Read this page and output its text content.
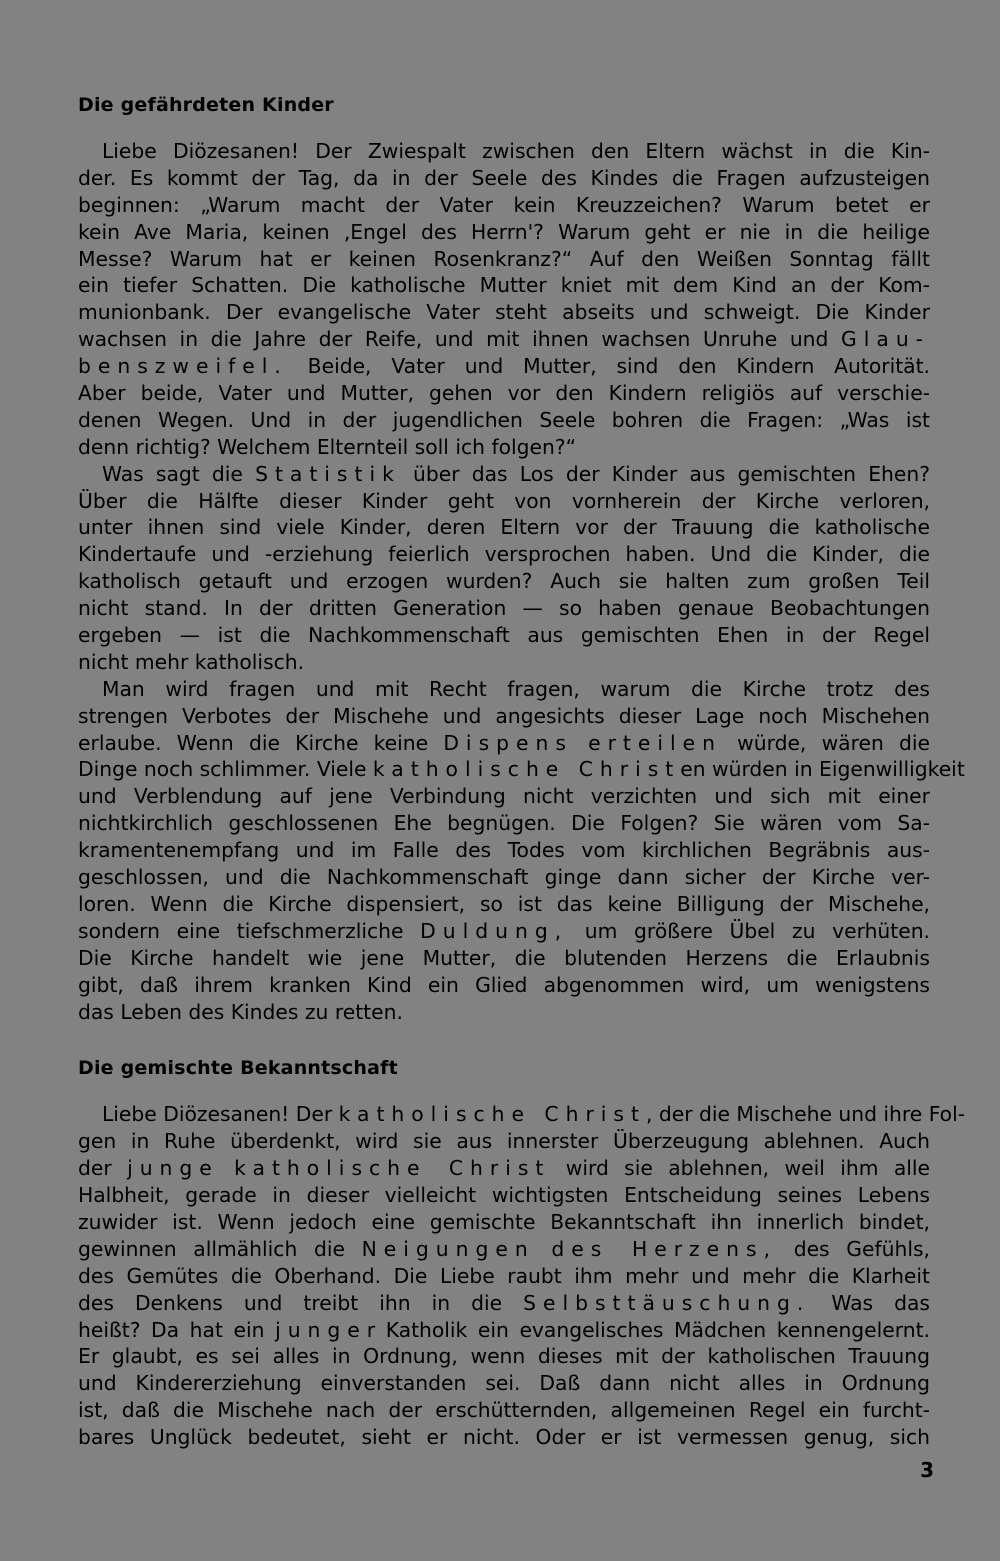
Die gefährdeten Kinder
Liebe Diözesanen! Der Zwiespalt zwischen den Eltern wächst in die Kin-
der. Es kommt der Tag, da in der Seele des Kindes die Fragen aufzusteigen
beginnen: „Warum macht der Vater kein Kreuzzeichen? Warum betet er
kein Ave Maria, keinen ‚Engel des Herrn'? Warum geht er nie in die heilige
Messe? Warum hat er keinen Rosenkranz?“ Auf den Weißen Sonntag fällt
ein tiefer Schatten. Die katholische Mutter kniet mit dem Kind an der Kom-
munionbank. Der evangelische Vater steht abseits und schweigt. Die Kinder
wachsen in die Jahre der Reife, und mit ihnen wachsen Unruhe und Glau-
benszweifel. Beide, Vater und Mutter, sind den Kindern Autorität.
Aber beide, Vater und Mutter, gehen vor den Kindern religiös auf verschie-
denen Wegen. Und in der jugendlichen Seele bohren die Fragen: „Was ist
denn richtig? Welchem Elternteil soll ich folgen?“
Was sagt die Statistik über das Los der Kinder aus gemischten Ehen?
Über die Hälfte dieser Kinder geht von vornherein der Kirche verloren,
unter ihnen sind viele Kinder, deren Eltern vor der Trauung die katholische
Kindertaufe und -erziehung feierlich versprochen haben. Und die Kinder, die
katholisch getauft und erzogen wurden? Auch sie halten zum großen Teil
nicht stand. In der dritten Generation — so haben genaue Beobachtungen
ergeben — ist die Nachkommenschaft aus gemischten Ehen in der Regel
nicht mehr katholisch.
Man wird fragen und mit Recht fragen, warum die Kirche trotz des
strengen Verbotes der Mischehe und angesichts dieser Lage noch Mischehen
erlaube. Wenn die Kirche keine Dispens erteilen würde, wären die
Dinge noch schlimmer. Viele katholische Christen würden in Eigenwilligkeit
und Verblendung auf jene Verbindung nicht verzichten und sich mit einer
nichtkirchlich geschlossenen Ehe begnügen. Die Folgen? Sie wären vom Sa-
kramentenempfang und im Falle des Todes vom kirchlichen Begräbnis aus-
geschlossen, und die Nachkommenschaft ginge dann sicher der Kirche ver-
loren. Wenn die Kirche dispensiert, so ist das keine Billigung der Mischehe,
sondern eine tiefschmerzliche Duldung, um größere Übel zu verhüten.
Die Kirche handelt wie jene Mutter, die blutenden Herzens die Erlaubnis
gibt, daß ihrem kranken Kind ein Glied abgenommen wird, um wenigstens
das Leben des Kindes zu retten.
Die gemischte Bekanntschaft
Liebe Diözesanen! Der katholische Christ, der die Mischehe und ihre Fol-
gen in Ruhe überdenkt, wird sie aus innerster Überzeugung ablehnen. Auch
der junge katholische Christ wird sie ablehnen, weil ihm alle
Halbheit, gerade in dieser vielleicht wichtigsten Entscheidung seines Lebens
zuwider ist. Wenn jedoch eine gemischte Bekanntschaft ihn innerlich bindet,
gewinnen allmählich die Neigungen des Herzens, des Gefühls,
des Gemütes die Oberhand. Die Liebe raubt ihm mehr und mehr die Klarheit
des Denkens und treibt ihn in die Selbsttäuschung. Was das
heißt? Da hat ein junger Katholik ein evangelisches Mädchen kennengelernt.
Er glaubt, es sei alles in Ordnung, wenn dieses mit der katholischen Trauung
und Kindererziehung einverstanden sei. Daß dann nicht alles in Ordnung
ist, daß die Mischehe nach der erschütternden, allgemeinen Regel ein furcht-
bares Unglück bedeutet, sieht er nicht. Oder er ist vermessen genug, sich
3
